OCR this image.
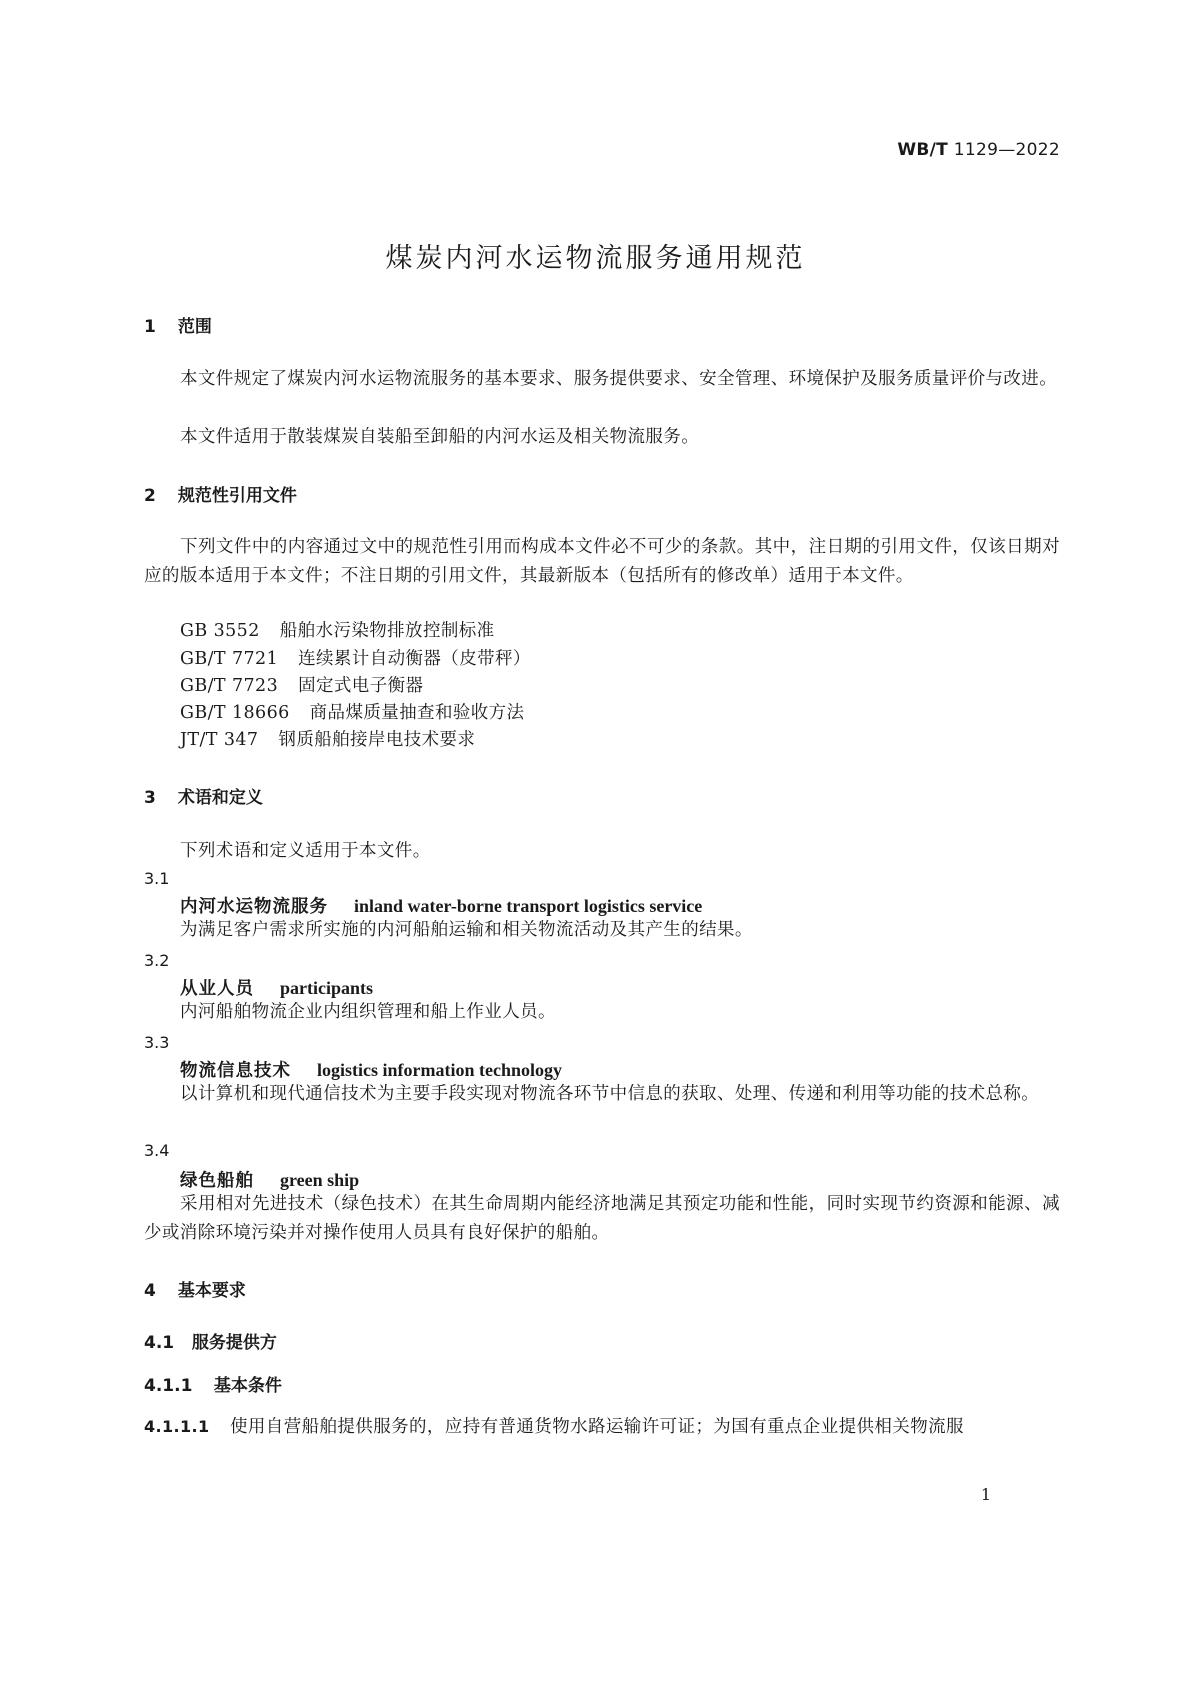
WB/T 1129—2022
煤炭内河水运物流服务通用规范
1 范围
本文件规定了煤炭内河水运物流服务的基本要求、服务提供要求、安全管理、环境保护及服务质量评价与改进。
本文件适用于散装煤炭自装船至卸船的内河水运及相关物流服务。
2 规范性引用文件
下列文件中的内容通过文中的规范性引用而构成本文件必不可少的条款。其中，注日期的引用文件，仅该日期对应的版本适用于本文件；不注日期的引用文件，其最新版本（包括所有的修改单）适用于本文件。
GB 3552 船舶水污染物排放控制标准
GB/T 7721 连续累计自动衡器（皮带秤）
GB/T 7723 固定式电子衡器
GB/T 18666 商品煤质量抽查和验收方法
JT/T 347 钢质船舶接岸电技术要求
3 术语和定义
下列术语和定义适用于本文件。
3.1
内河水运物流服务 inland water-borne transport logistics service
为满足客户需求所实施的内河船舶运输和相关物流活动及其产生的结果。
3.2
从业人员 participants
内河船舶物流企业内组织管理和船上作业人员。
3.3
物流信息技术 logistics information technology
以计算机和现代通信技术为主要手段实现对物流各环节中信息的获取、处理、传递和利用等功能的技术总称。
3.4
绿色船舶 green ship
采用相对先进技术（绿色技术）在其生命周期内能经济地满足其预定功能和性能，同时实现节约资源和能源、减少或消除环境污染并对操作使用人员具有良好保护的船舶。
4 基本要求
4.1 服务提供方
4.1.1 基本条件
4.1.1.1 使用自营船舶提供服务的，应持有普通货物水路运输许可证；为国有重点企业提供相关物流服
1
